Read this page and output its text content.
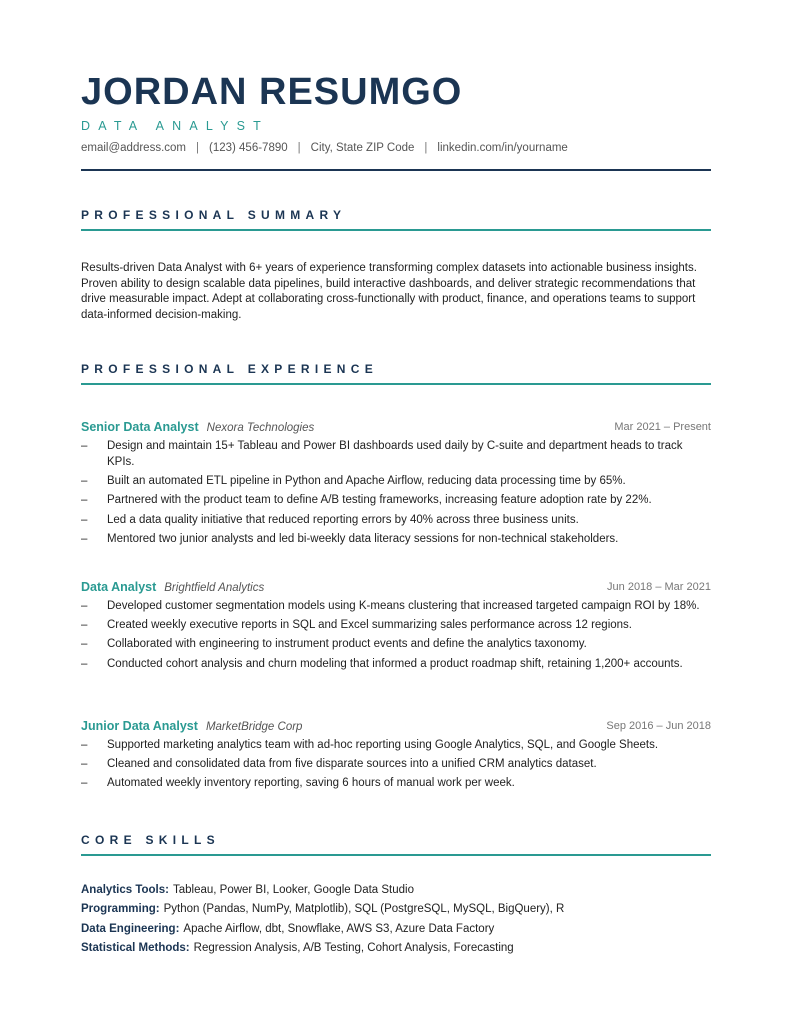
JORDAN RESUMGO
DATA ANALYST
email@address.com | (123) 456-7890 | City, State ZIP Code | linkedin.com/in/yourname
PROFESSIONAL SUMMARY

Results-driven Data Analyst with 6+ years of experience transforming complex datasets into actionable business insights. Proven ability to design scalable data pipelines, build interactive dashboards, and deliver strategic recommendations that drive measurable impact. Adept at collaborating cross-functionally with product, finance, and operations teams to support data-informed decision-making.

PROFESSIONAL EXPERIENCE
Senior Data Analyst Nexora Technologies	Mar 2021 – Present
– Design and maintain 15+ Tableau and Power BI dashboards used daily by C-suite and department heads to track KPIs.
– Built an automated ETL pipeline in Python and Apache Airflow, reducing data processing time by 65%.
– Partnered with the product team to define A/B testing frameworks, increasing feature adoption rate by 22%.
– Led a data quality initiative that reduced reporting errors by 40% across three business units.
– Mentored two junior analysts and led bi-weekly data literacy sessions for non-technical stakeholders.
Data Analyst Brightfield Analytics	Jun 2018 – Mar 2021
– Developed customer segmentation models using K-means clustering that increased targeted campaign ROI by 18%.
– Created weekly executive reports in SQL and Excel summarizing sales performance across 12 regions.
– Collaborated with engineering to instrument product events and define the analytics taxonomy.
– Conducted cohort analysis and churn modeling that informed a product roadmap shift, retaining 1,200+ accounts.
Junior Data Analyst MarketBridge Corp	Sep 2016 – Jun 2018
– Supported marketing analytics team with ad-hoc reporting using Google Analytics, SQL, and Google Sheets.
– Cleaned and consolidated data from five disparate sources into a unified CRM analytics dataset.
– Automated weekly inventory reporting, saving 6 hours of manual work per week.
CORE SKILLS
Analytics Tools: Tableau, Power BI, Looker, Google Data Studio
Programming: Python (Pandas, NumPy, Matplotlib), SQL (PostgreSQL, MySQL, BigQuery), R
Data Engineering: Apache Airflow, dbt, Snowflake, AWS S3, Azure Data Factory
Statistical Methods: Regression Analysis, A/B Testing, Cohort Analysis, Forecasting
